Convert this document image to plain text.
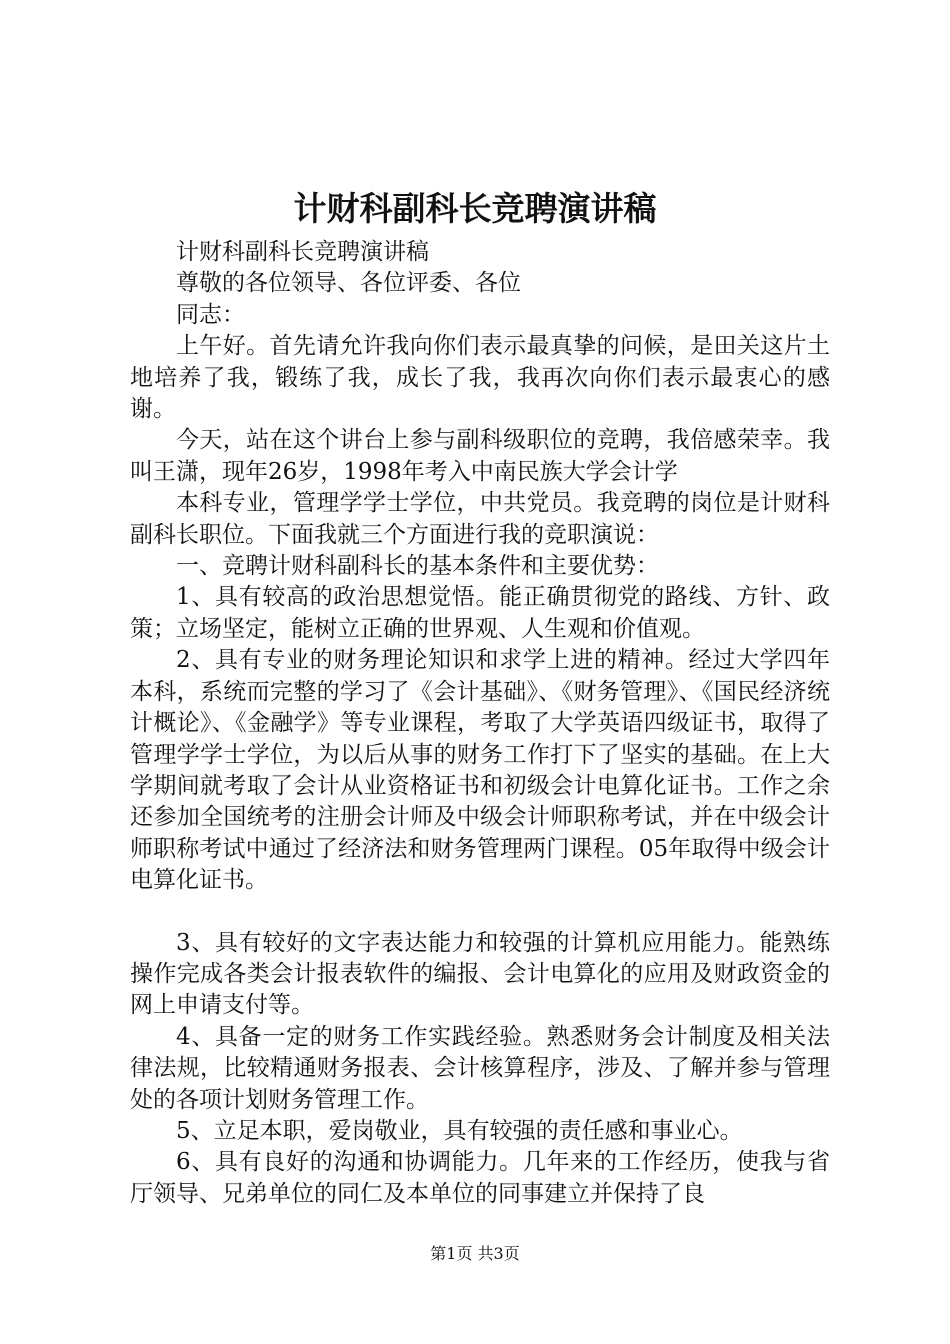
计财科副科长竞聘演讲稿

计财科副科长竞聘演讲稿

尊敬的各位领导、各位评委、各位

同志：

上午好。首先请允许我向你们表示最真挚的问候，是田关这片土地培养了我，锻练了我，成长了我，我再次向你们表示最衷心的感谢。

今天，站在这个讲台上参与副科级职位的竞聘，我倍感荣幸。我叫王潇，现年26岁，1998年考入中南民族大学会计学

本科专业，管理学学士学位，中共党员。我竞聘的岗位是计财科副科长职位。下面我就三个方面进行我的竞职演说：

一、竞聘计财科副科长的基本条件和主要优势：

1、具有较高的政治思想觉悟。能正确贯彻党的路线、方针、政策；立场坚定，能树立正确的世界观、人生观和价值观。

2、具有专业的财务理论知识和求学上进的精神。经过大学四年本科，系统而完整的学习了《会计基础》、《财务管理》、《国民经济统计概论》、《金融学》等专业课程，考取了大学英语四级证书，取得了管理学学士学位，为以后从事的财务工作打下了坚实的基础。在上大学期间就考取了会计从业资格证书和初级会计电算化证书。工作之余还参加全国统考的注册会计师及中级会计师职称考试，并在中级会计师职称考试中通过了经济法和财务管理两门课程。05年取得中级会计电算化证书。

3、具有较好的文字表达能力和较强的计算机应用能力。能熟练操作完成各类会计报表软件的编报、会计电算化的应用及财政资金的网上申请支付等。

4、具备一定的财务工作实践经验。熟悉财务会计制度及相关法律法规，比较精通财务报表、会计核算程序，涉及、了解并参与管理处的各项计划财务管理工作。

5、立足本职，爱岗敬业，具有较强的责任感和事业心。

6、具有良好的沟通和协调能力。几年来的工作经历，使我与省厅领导、兄弟单位的同仁及本单位的同事建立并保持了良

第1页 共3页
